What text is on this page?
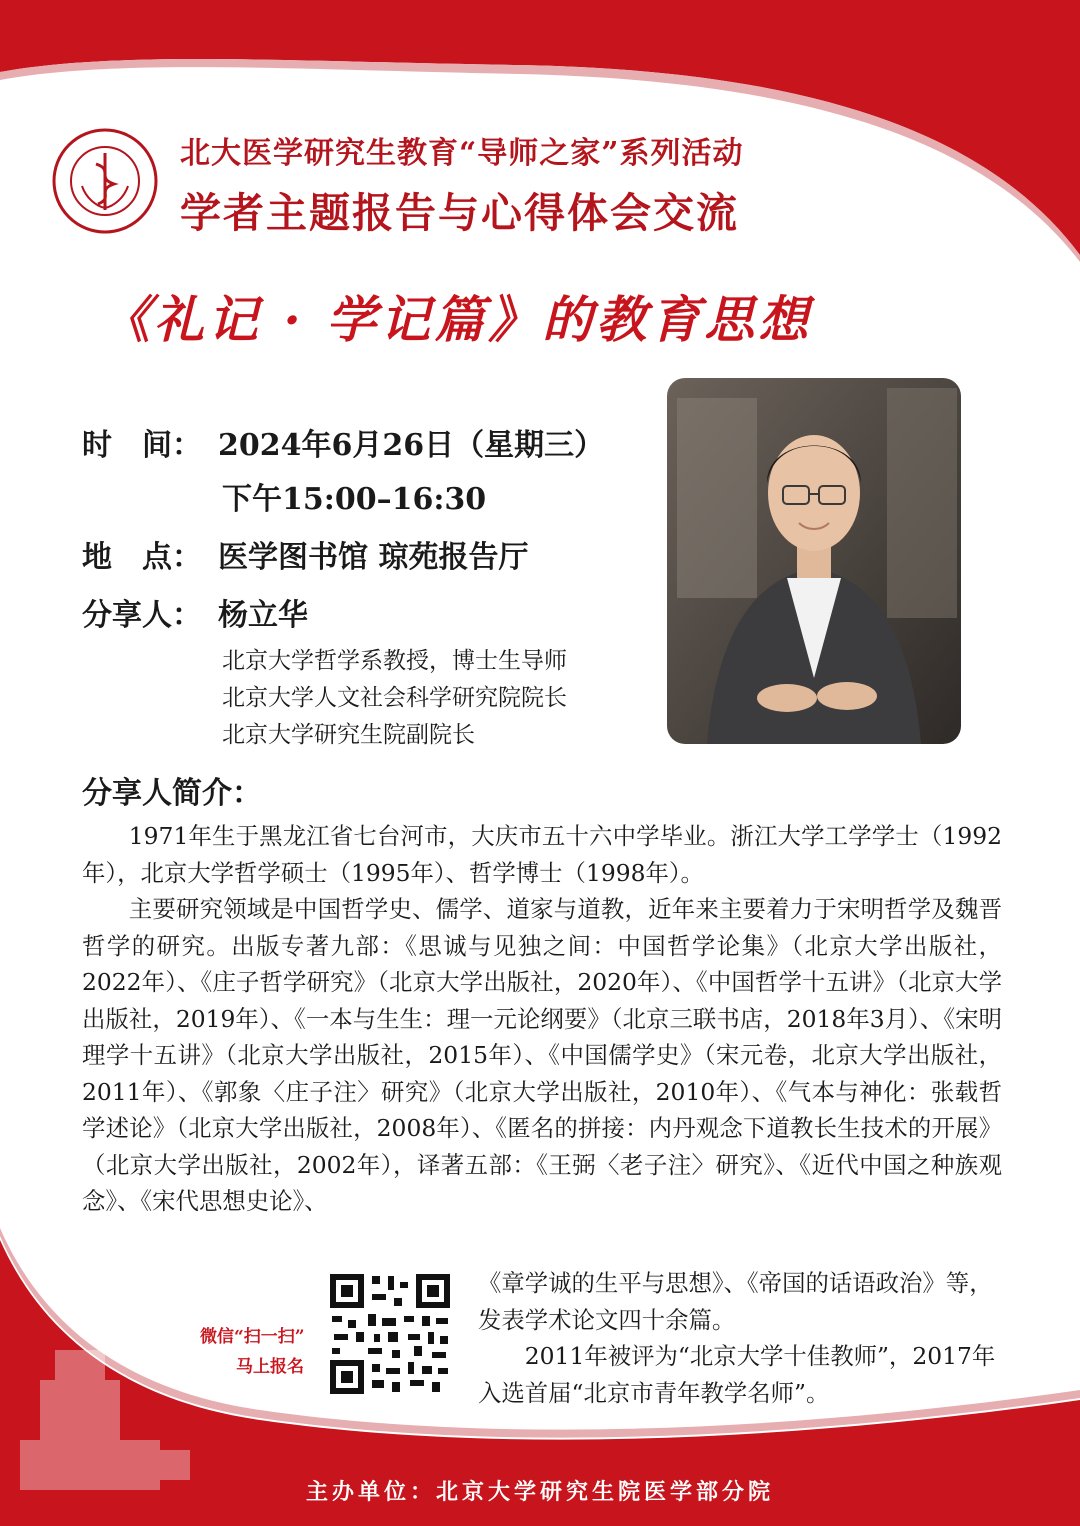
北大医学研究生教育“导师之家”系列活动
学者主题报告与心得体会交流
《礼记 · 学记篇》的教育思想
时　间： 2024年6月26日（星期三）
下午15:00–16:30
地　点： 医学图书馆 琼苑报告厅
分享人： 杨立华
北京大学哲学系教授，博士生导师
北京大学人文社会科学研究院院长
北京大学研究生院副院长
分享人简介：

1971年生于黑龙江省七台河市，大庆市五十六中学毕业。浙江大学工学学士（1992年），北京大学哲学硕士（1995年）、哲学博士（1998年）。

主要研究领域是中国哲学史、儒学、道家与道教，近年来主要着力于宋明哲学及魏晋哲学的研究。出版专著九部：《思诚与见独之间：中国哲学论集》（北京大学出版社，2022年）、《庄子哲学研究》（北京大学出版社，2020年）、《中国哲学十五讲》（北京大学出版社，2019年）、《一本与生生：理一元论纲要》（北京三联书店，2018年3月）、《宋明理学十五讲》（北京大学出版社，2015年）、《中国儒学史》（宋元卷，北京大学出版社，2011年）、《郭象〈庄子注〉研究》（北京大学出版社，2010年）、《气本与神化：张载哲学述论》（北京大学出版社，2008年）、《匿名的拼接：内丹观念下道教长生技术的开展》（北京大学出版社，2002年），译著五部：《王弼〈老子注〉研究》、《近代中国之种族观念》、《宋代思想史论》、

《章学诚的生平与思想》、《帝国的话语政治》等，发表学术论文四十余篇。

2011年被评为“北京大学十佳教师”，2017年入选首届“北京市青年教学名师”。

微信“扫一扫”
马上报名
主办单位：北京大学研究生院医学部分院
